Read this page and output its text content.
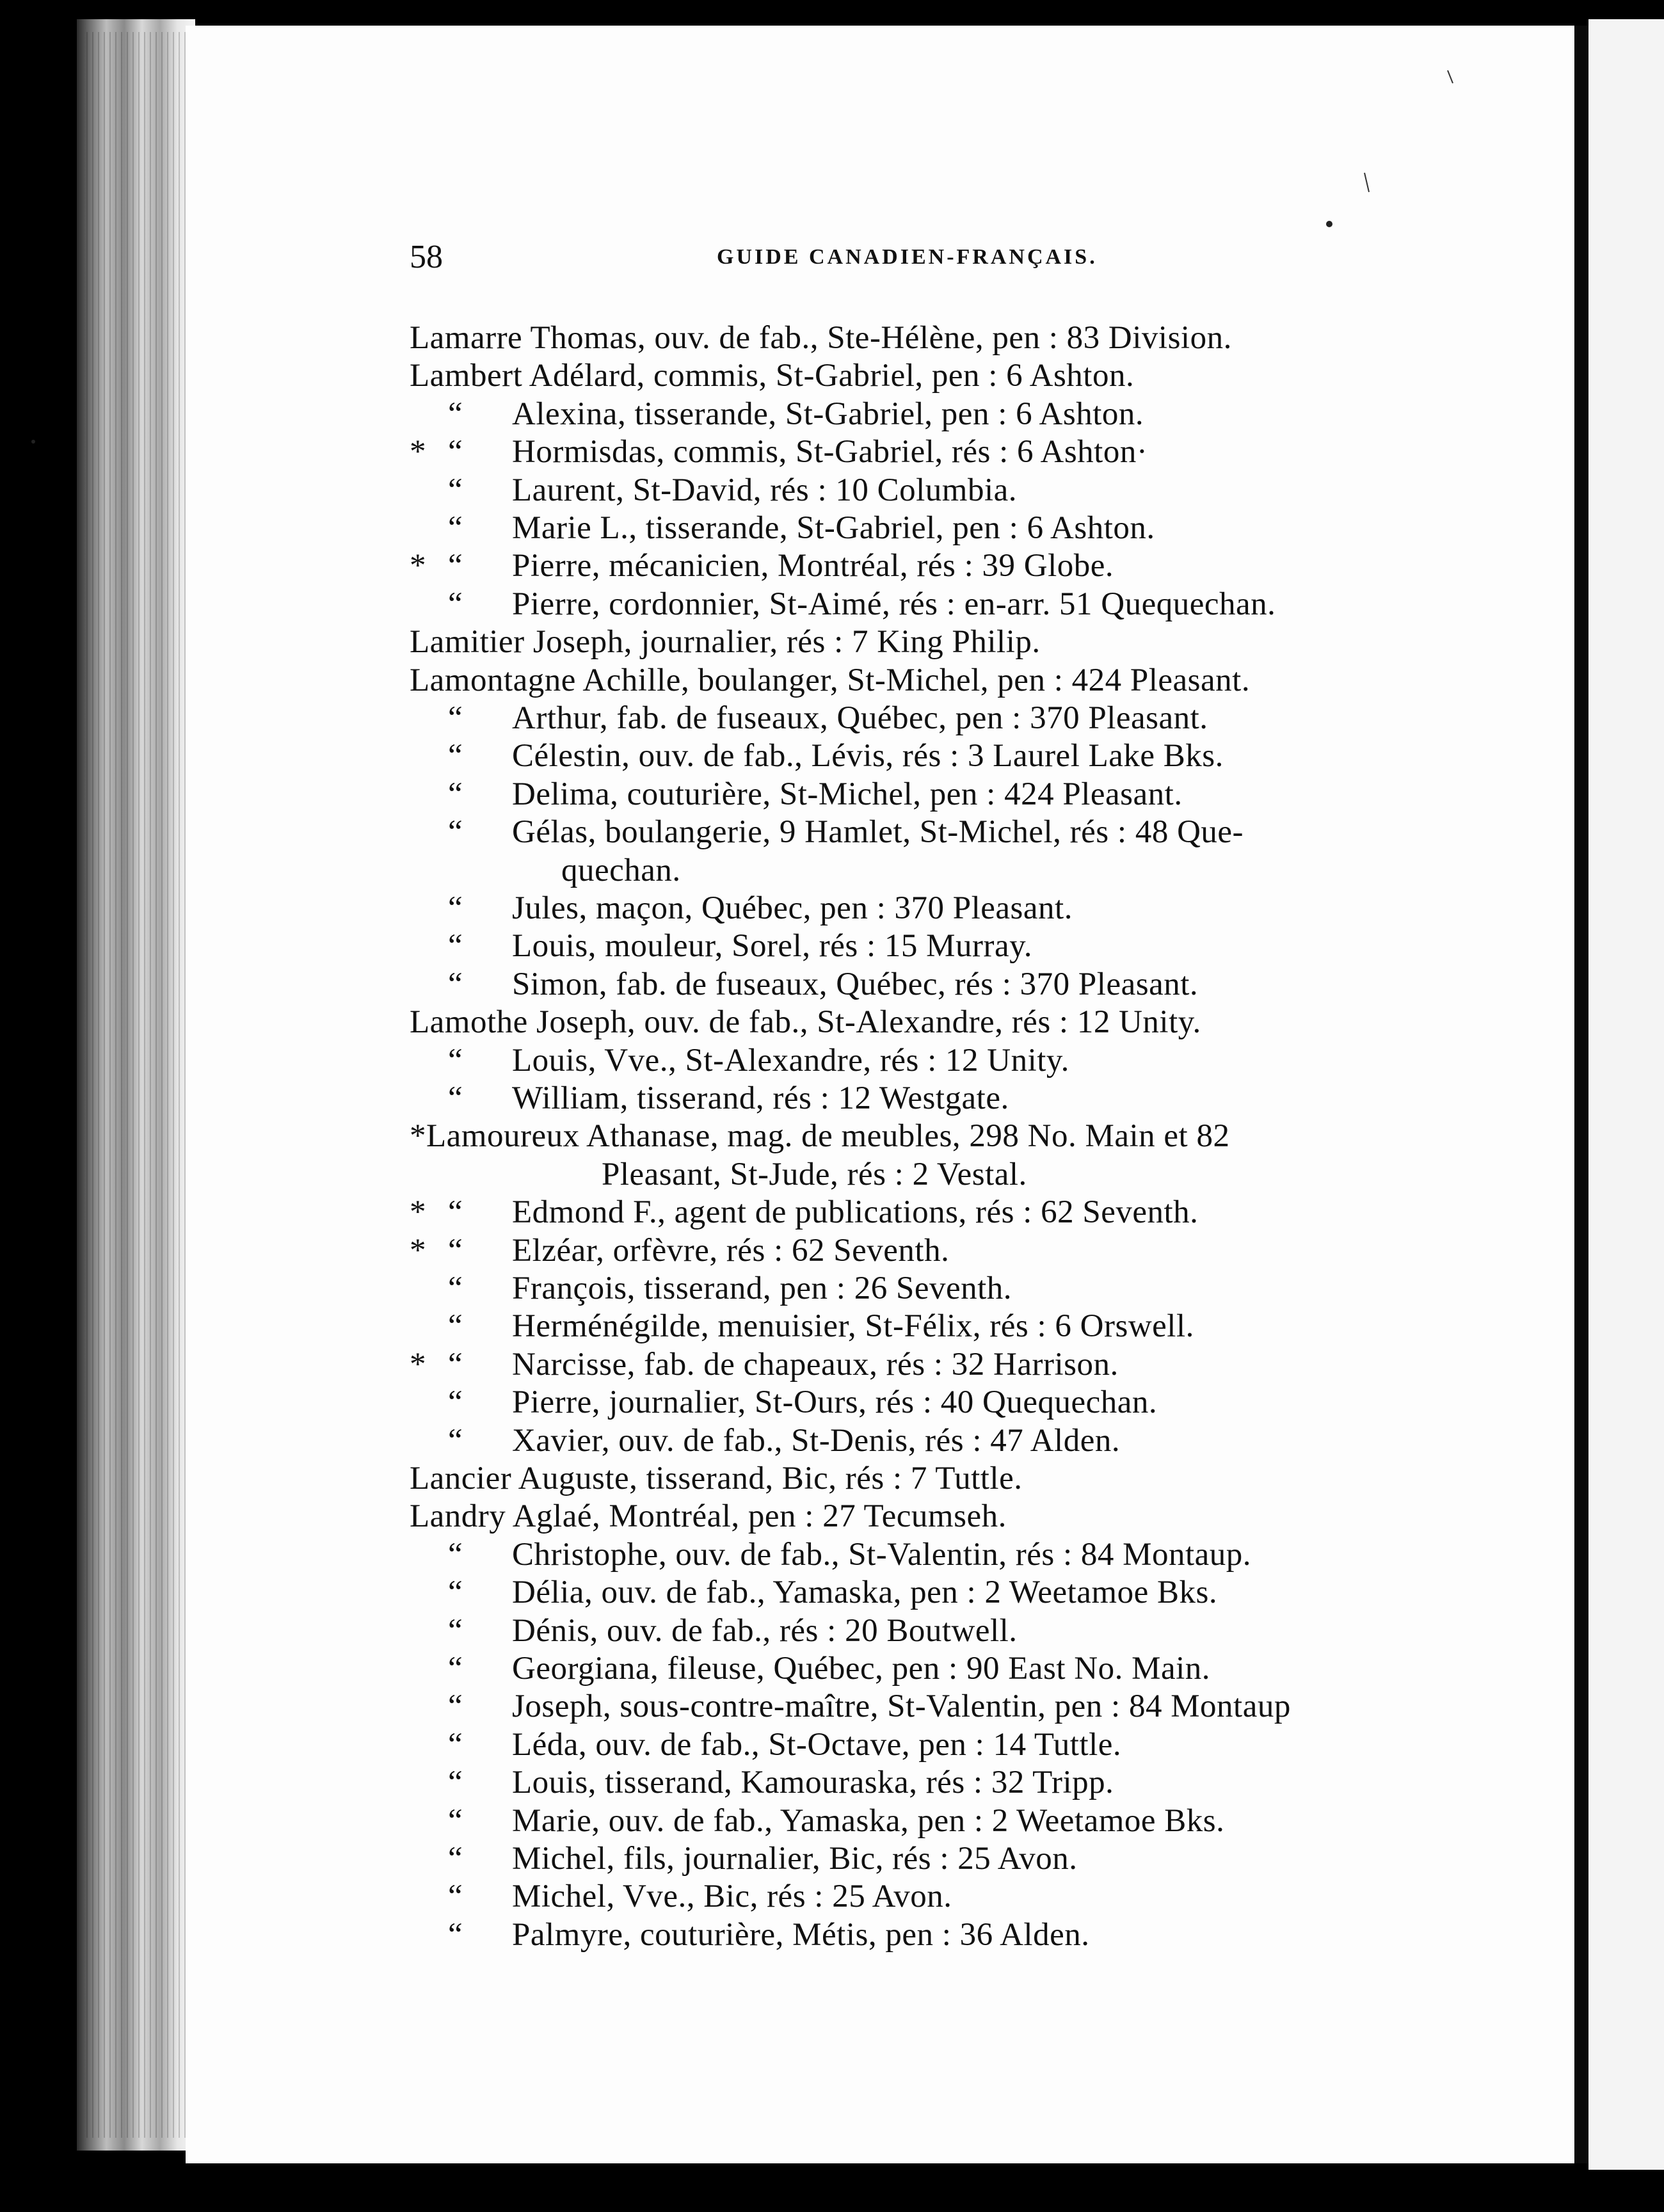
58	GUIDE CANADIEN-FRANÇAIS.
Lamarre Thomas, ouv. de fab., Ste-Hélène, pen : 83 Division.
Lambert Adélard, commis, St-Gabriel, pen : 6 Ashton.
“ Alexina, tisserande, St-Gabriel, pen : 6 Ashton.
* “ Hormisdas, commis, St-Gabriel, rés : 6 Ashton·
“ Laurent, St-David, rés : 10 Columbia.
“ Marie L., tisserande, St-Gabriel, pen : 6 Ashton.
* “ Pierre, mécanicien, Montréal, rés : 39 Globe.
“ Pierre, cordonnier, St-Aimé, rés : en-arr. 51 Quequechan.
Lamitier Joseph, journalier, rés : 7 King Philip.
Lamontagne Achille, boulanger, St-Michel, pen : 424 Pleasant.
“ Arthur, fab. de fuseaux, Québec, pen : 370 Pleasant.
“ Célestin, ouv. de fab., Lévis, rés : 3 Laurel Lake Bks.
“ Delima, couturière, St-Michel, pen : 424 Pleasant.
“ Gélas, boulangerie, 9 Hamlet, St-Michel, rés : 48 Que-
quechan.
“ Jules, maçon, Québec, pen : 370 Pleasant.
“ Louis, mouleur, Sorel, rés : 15 Murray.
“ Simon, fab. de fuseaux, Québec, rés : 370 Pleasant.
Lamothe Joseph, ouv. de fab., St-Alexandre, rés : 12 Unity.
“ Louis, Vve., St-Alexandre, rés : 12 Unity.
“ William, tisserand, rés : 12 Westgate.
*Lamoureux Athanase, mag. de meubles, 298 No. Main et 82
Pleasant, St-Jude, rés : 2 Vestal.
* “ Edmond F., agent de publications, rés : 62 Seventh.
* “ Elzéar, orfèvre, rés : 62 Seventh.
“ François, tisserand, pen : 26 Seventh.
“ Herménégilde, menuisier, St-Félix, rés : 6 Orswell.
* “ Narcisse, fab. de chapeaux, rés : 32 Harrison.
“ Pierre, journalier, St-Ours, rés : 40 Quequechan.
“ Xavier, ouv. de fab., St-Denis, rés : 47 Alden.
Lancier Auguste, tisserand, Bic, rés : 7 Tuttle.
Landry Aglaé, Montréal, pen : 27 Tecumseh.
“ Christophe, ouv. de fab., St-Valentin, rés : 84 Montaup.
“ Délia, ouv. de fab., Yamaska, pen : 2 Weetamoe Bks.
“ Dénis, ouv. de fab., rés : 20 Boutwell.
“ Georgiana, fileuse, Québec, pen : 90 East No. Main.
“ Joseph, sous-contre-maître, St-Valentin, pen : 84 Montaup
“ Léda, ouv. de fab., St-Octave, pen : 14 Tuttle.
“ Louis, tisserand, Kamouraska, rés : 32 Tripp.
“ Marie, ouv. de fab., Yamaska, pen : 2 Weetamoe Bks.
“ Michel, fils, journalier, Bic, rés : 25 Avon.
“ Michel, Vve., Bic, rés : 25 Avon.
“ Palmyre, couturière, Métis, pen : 36 Alden.
